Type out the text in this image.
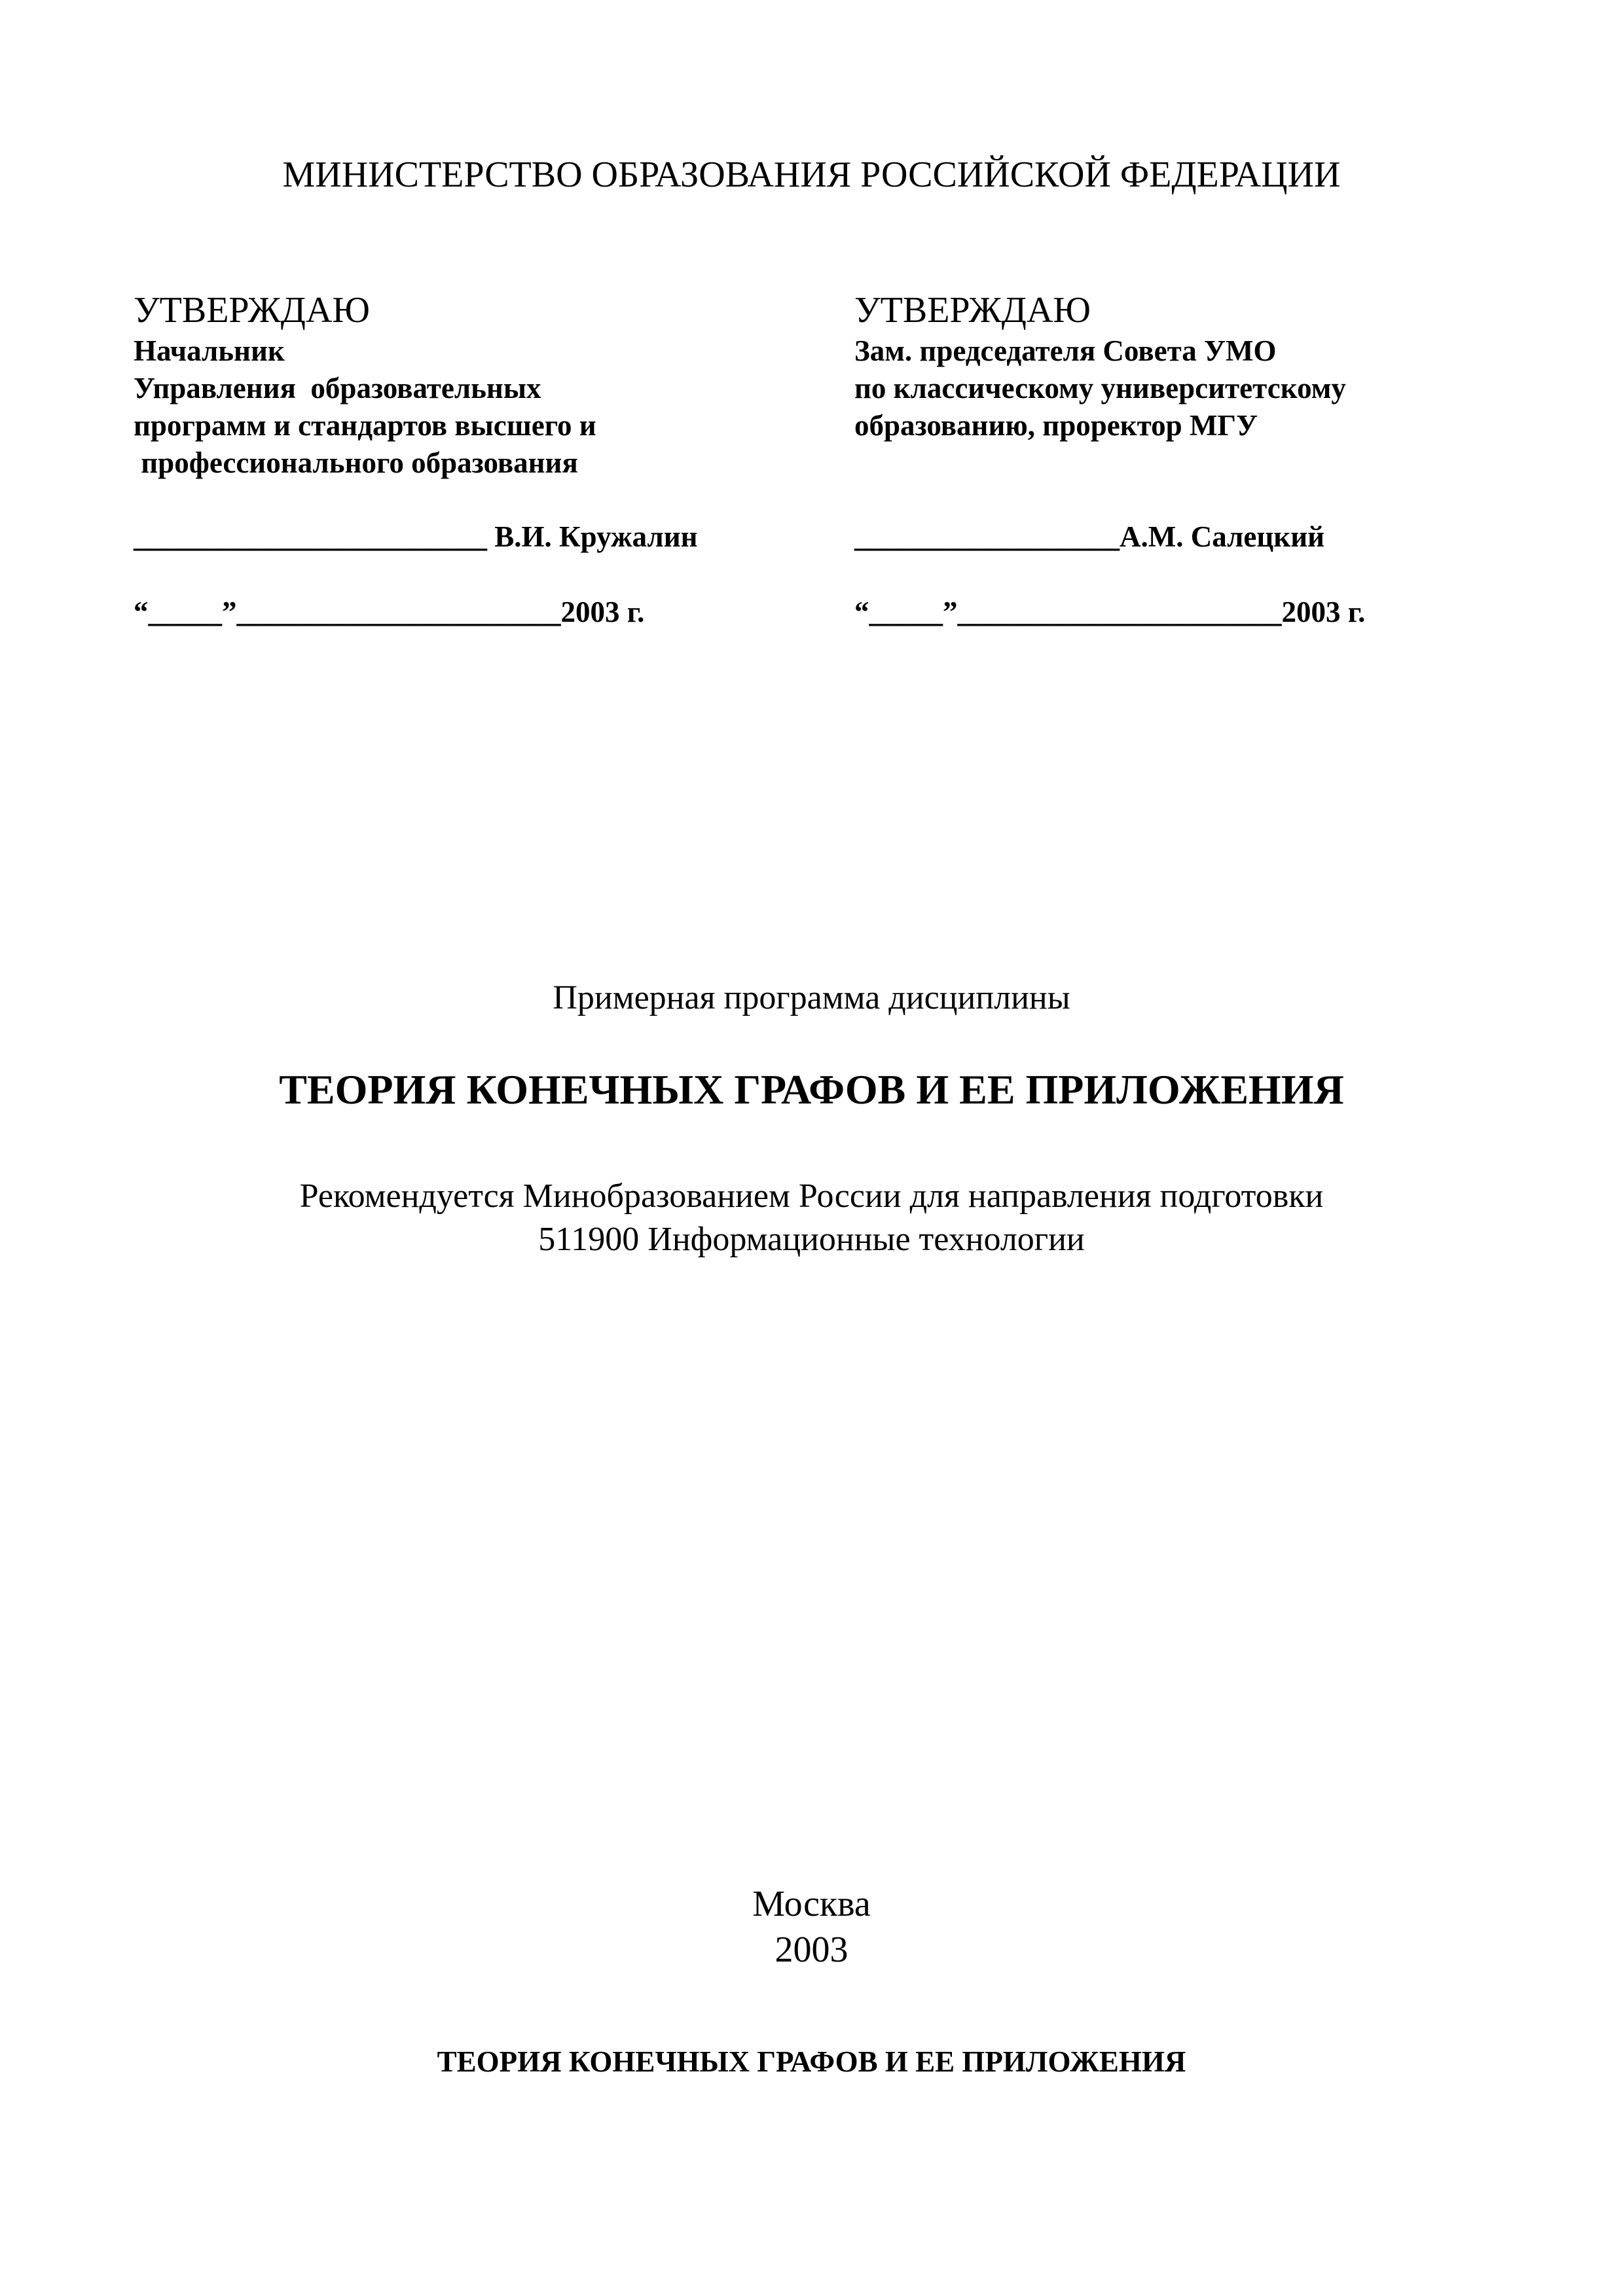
МИНИСТЕРСТВО ОБРАЗОВАНИЯ РОССИЙСКОЙ ФЕДЕРАЦИИ
УТВЕРЖДАЮ
Начальник
Управления  образовательных
программ и стандартов высшего и
профессионального образования
УТВЕРЖДАЮ
Зам. председателя Совета УМО
по классическому университетскому
образованию, проректор МГУ
________________________ В.И. Кружалин	__________________А.М. Салецкий
“_____”______________________2003 г.	“_____”______________________2003 г.
Примерная программа дисциплины
ТЕОРИЯ КОНЕЧНЫХ ГРАФОВ И ЕЕ ПРИЛОЖЕНИЯ
Рекомендуется Минобразованием России для направления подготовки
511900 Информационные технологии
Москва
2003
ТЕОРИЯ КОНЕЧНЫХ ГРАФОВ И ЕЕ ПРИЛОЖЕНИЯ
